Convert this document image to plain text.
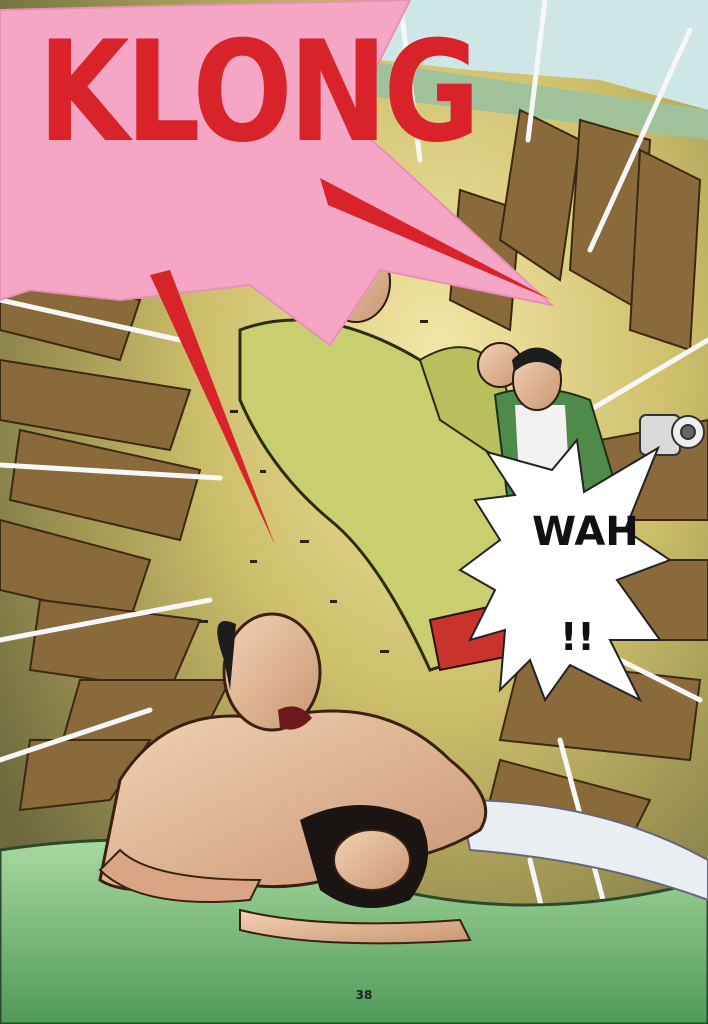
KLONG
WAH
!!
38
